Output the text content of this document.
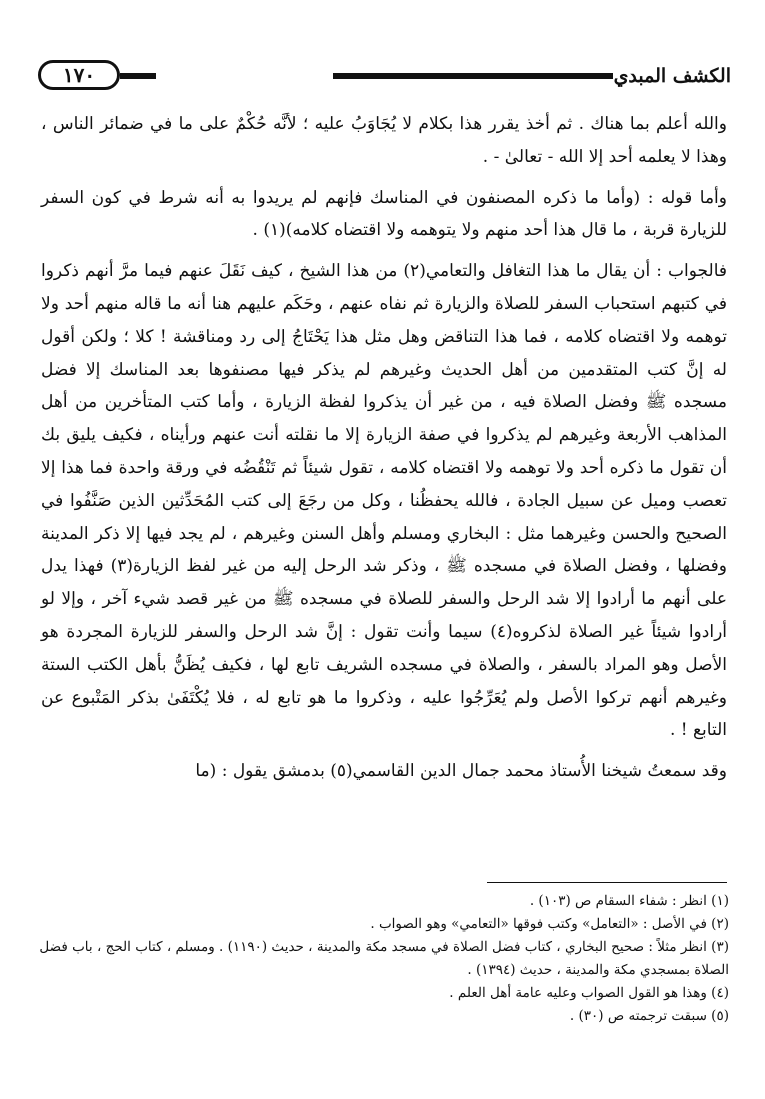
الكشف المبدي
١٧٠

والله أعلم بما هناك . ثم أخذ يقرر هذا بكلام لا يُجَاوَبُ عليه ؛ لأنَّه حُكْمٌ على ما في ضمائر الناس ، وهذا لا يعلمه أحد إلا الله - تعالىٰ - .

وأما قوله : (وأما ما ذكره المصنفون في المناسك فإنهم لم يريدوا به أنه شرط في كون السفر للزيارة قربة ، ما قال هذا أحد منهم ولا يتوهمه ولا اقتضاه كلامه)(١) .

فالجواب : أن يقال ما هذا التغافل والتعامي(٢) من هذا الشيخ ، كيف نَقَلَ عنهم فيما مرَّ أنهم ذكروا في كتبهم استحباب السفر للصلاة والزيارة ثم نفاه عنهم ، وحَكَم عليهم هنا أنه ما قاله منهم أحد ولا توهمه ولا اقتضاه كلامه ، فما هذا التناقض وهل مثل هذا يَحْتَاجُ إلى رد ومناقشة ! كلا ؛ ولكن أقول له إنَّ كتب المتقدمين من أهل الحديث وغيرهم لم يذكر فيها مصنفوها بعد المناسك إلا فضل مسجده ﷺ وفضل الصلاة فيه ، من غير أن يذكروا لفظة الزيارة ، وأما كتب المتأخرين من أهل المذاهب الأربعة وغيرهم لم يذكروا في صفة الزيارة إلا ما نقلته أنت عنهم ورأيناه ، فكيف يليق بك أن تقول ما ذكره أحد ولا توهمه ولا اقتضاه كلامه ، تقول شيئاً ثم تَنْقُضُه في ورقة واحدة فما هذا إلا تعصب وميل عن سبيل الجادة ، فالله يحفظُنا ، وكل من رجَعَ إلى كتب المُحَدِّثين الذين صَنَّفُوا في الصحيح والحسن وغيرهما مثل : البخاري ومسلم وأهل السنن وغيرهم ، لم يجد فيها إلا ذكر المدينة وفضلها ، وفضل الصلاة في مسجده ﷺ ، وذكر شد الرحل إليه من غير لفظ الزيارة(٣) فهذا يدل على أنهم ما أرادوا إلا شد الرحل والسفر للصلاة في مسجده ﷺ من غير قصد شيء آخر ، وإلا لو أرادوا شيئاً غير الصلاة لذكروه(٤) سيما وأنت تقول : إنَّ شد الرحل والسفر للزيارة المجردة هو الأصل وهو المراد بالسفر ، والصلاة في مسجده الشريف تابع لها ، فكيف يُظَنُّ بأهل الكتب الستة وغيرهم أنهم تركوا الأصل ولم يُعَرِّجُوا عليه ، وذكروا ما هو تابع له ، فلا يُكْتَفَىٰ بذكر المَتْبوع عن التابع ! .

وقد سمعتُ شيخنا الأُستاذ محمد جمال الدين القاسمي(٥) بدمشق يقول : (ما

(١) انظر : شفاء السقام ص (١٠٣) .

(٢) في الأصل : «التعامل» وكتب فوقها «التعامي» وهو الصواب .

(٣) انظر مثلاً : صحيح البخاري ، كتاب فضل الصلاة في مسجد مكة والمدينة ، حديث (١١٩٠) . ومسلم ، كتاب الحج ، باب فضل الصلاة بمسجدي مكة والمدينة ، حديث (١٣٩٤) .

(٤) وهذا هو القول الصواب وعليه عامة أهل العلم .

(٥) سبقت ترجمته ص (٣٠) .
